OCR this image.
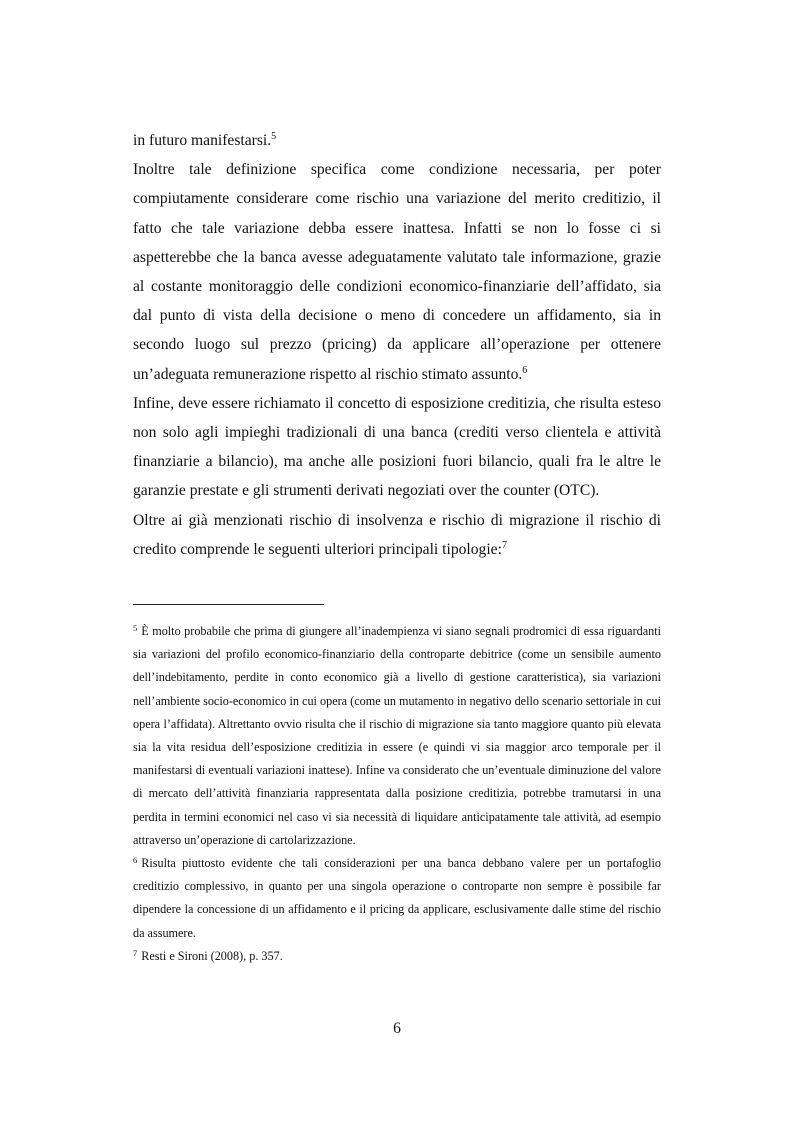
in futuro manifestarsi.$^5$

Inoltre tale definizione specifica come condizione necessaria, per poter compiutamente considerare come rischio una variazione del merito creditizio, il fatto che tale variazione debba essere inattesa. Infatti se non lo fosse ci si aspetterebbe che la banca avesse adeguatamente valutato tale informazione, grazie al costante monitoraggio delle condizioni economico-finanziarie dell’affidato, sia dal punto di vista della decisione o meno di concedere un affidamento, sia in secondo luogo sul prezzo (pricing) da applicare all’operazione per ottenere un’adeguata remunerazione rispetto al rischio stimato assunto.$^6$

Infine, deve essere richiamato il concetto di esposizione creditizia, che risulta esteso non solo agli impieghi tradizionali di una banca (crediti verso clientela e attività finanziarie a bilancio), ma anche alle posizioni fuori bilancio, quali fra le altre le garanzie prestate e gli strumenti derivati negoziati over the counter (OTC).

Oltre ai già menzionati rischio di insolvenza e rischio di migrazione il rischio di credito comprende le seguenti ulteriori principali tipologie:$^7$

$^5$ È molto probabile che prima di giungere all’inadempienza vi siano segnali prodromici di essa riguardanti sia variazioni del profilo economico-finanziario della controparte debitrice (come un sensibile aumento dell’indebitamento, perdite in conto economico già a livello di gestione caratteristica), sia variazioni nell’ambiente socio-economico in cui opera (come un mutamento in negativo dello scenario settoriale in cui opera l’affidata). Altrettanto ovvio risulta che il rischio di migrazione sia tanto maggiore quanto più elevata sia la vita residua dell’esposizione creditizia in essere (e quindi vi sia maggior arco temporale per il manifestarsi di eventuali variazioni inattese). Infine va considerato che un’eventuale diminuzione del valore di mercato dell’attività finanziaria rappresentata dalla posizione creditizia, potrebbe tramutarsi in una perdita in termini economici nel caso vi sia necessità di liquidare anticipatamente tale attività, ad esempio attraverso un’operazione di cartolarizzazione.

$^6$ Risulta piuttosto evidente che tali considerazioni per una banca debbano valere per un portafoglio creditizio complessivo, in quanto per una singola operazione o controparte non sempre è possibile far dipendere la concessione di un affidamento e il pricing da applicare, esclusivamente dalle stime del rischio da assumere.

$^7$ Resti e Sironi (2008), p. 357.

6
